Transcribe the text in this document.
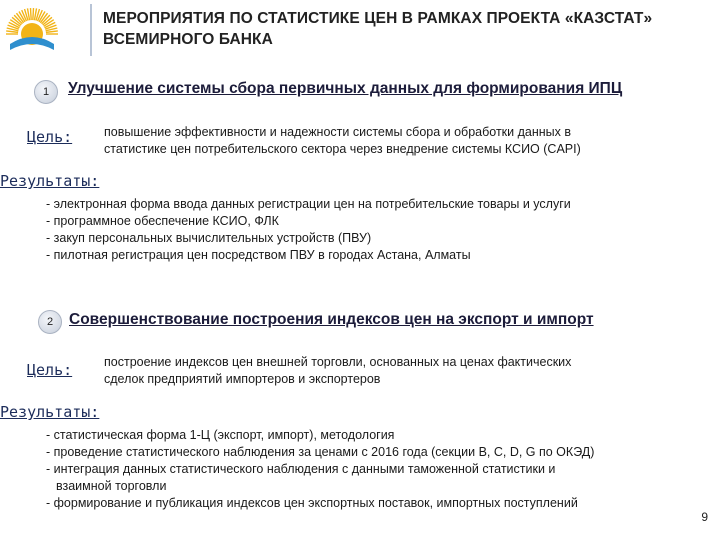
МЕРОПРИЯТИЯ ПО СТАТИСТИКЕ ЦЕН В РАМКАХ ПРОЕКТА «КАЗСТАТ»
ВСЕМИРНОГО БАНКА
1	Улучшение системы сбора первичных данных для формирования ИПЦ
Цель:	повышение эффективности и надежности системы сбора и обработки данных в
статистике цен потребительского сектора через внедрение системы КСИО (CAPI)
Результаты:
- электронная форма ввода данных регистрации цен на потребительские товары и услуги
- программное обеспечение КСИО, ФЛК
- закуп персональных вычислительных устройств (ПВУ)
- пилотная регистрация цен посредством ПВУ в городах Астана, Алматы
2	Совершенствование построения индексов цен на экспорт и импорт
Цель:	построение индексов цен внешней торговли, основанных на ценах фактических
сделок предприятий импортеров и экспортеров
Результаты:
- статистическая форма 1-Ц (экспорт, импорт), методология
- проведение статистического наблюдения за ценами с 2016 года (секции B, C, D, G по ОКЭД)
- интеграция данных статистического наблюдения с данными таможенной статистики и
взаимной торговли
- формирование и публикация индексов цен экспортных поставок, импортных поступлений
9
